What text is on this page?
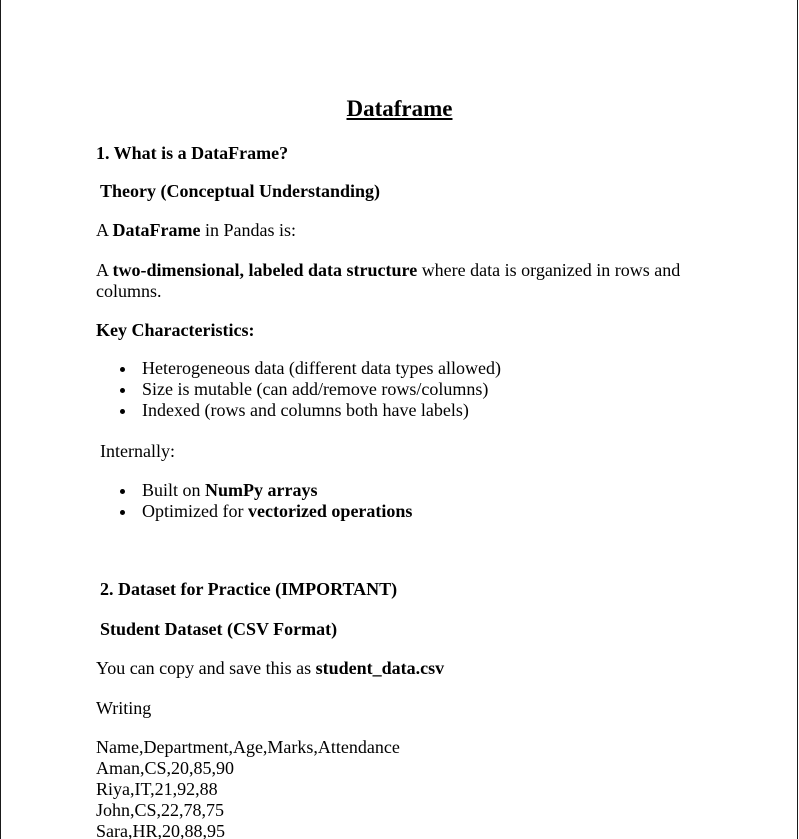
Dataframe
1. What is a DataFrame?
Theory (Conceptual Understanding)
A DataFrame in Pandas is:
A two-dimensional, labeled data structure where data is organized in rows and
columns.
Key Characteristics:
Heterogeneous data (different data types allowed)
Size is mutable (can add/remove rows/columns)
Indexed (rows and columns both have labels)
Internally:
Built on NumPy arrays
Optimized for vectorized operations
2. Dataset for Practice (IMPORTANT)
Student Dataset (CSV Format)
You can copy and save this as student_data.csv
Writing
Name,Department,Age,Marks,Attendance
Aman,CS,20,85,90
Riya,IT,21,92,88
John,CS,22,78,75
Sara,HR,20,88,95
